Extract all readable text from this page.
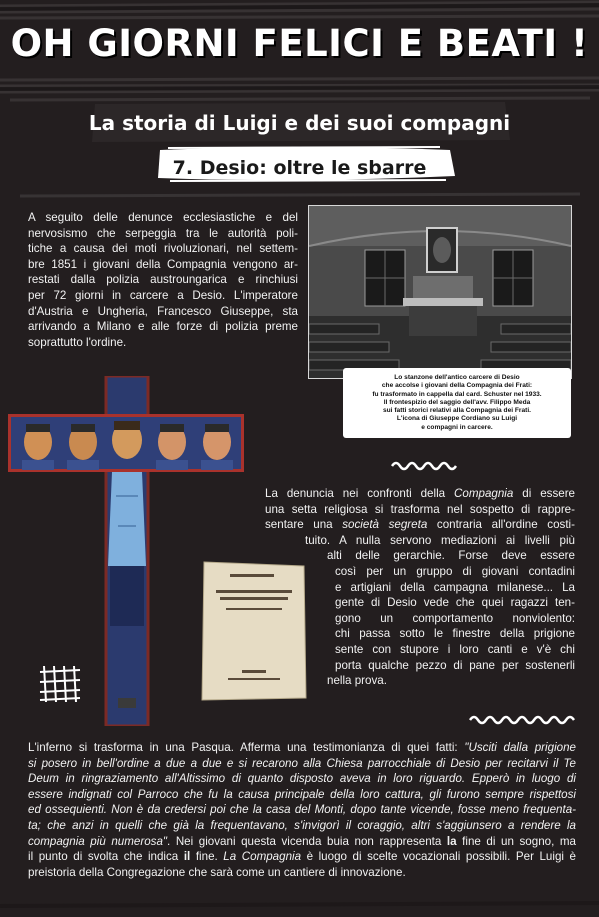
OH GIORNI FELICI E BEATI !
La storia di Luigi e dei suoi compagni
7. Desio: oltre le sbarre
A seguito delle denunce ecclesiastiche e del
nervosismo che serpeggia tra le autorità poli-
tiche a causa dei moti rivoluzionari, nel settem-
bre 1851 i giovani della Compagnia vengono ar-
restati dalla polizia austroungarica e rinchiusi
per 72 giorni in carcere a Desio. L'imperatore
d'Austria e Ungheria, Francesco Giuseppe, sta
arrivando a Milano e alle forze di polizia preme
soprattutto l'ordine.
Lo stanzone dell'antico carcere di Desio
che accolse i giovani della Compagnia dei Frati:
fu trasformato in cappella dal card. Schuster nel 1933.
Il frontespizio del saggio dell'avv. Filippo Meda
sui fatti storici relativi alla Compagnia dei Frati.
L'icona di Giuseppe Cordiano su Luigi
e compagni in carcere.
La denuncia nei confronti della Compagnia di essere
una setta religiosa si trasforma nel sospetto di rappre-
sentare una società segreta contraria all'ordine costi-
tuito. A nulla servono mediazioni ai livelli più
alti delle gerarchie. Forse deve essere
così per un gruppo di giovani contadini
e artigiani della campagna milanese... La
gente di Desio vede che quei ragazzi ten-
gono un comportamento nonviolento:
chi passa sotto le finestre della prigione
sente con stupore i loro canti e v'è chi
porta qualche pezzo di pane per sostenerli
nella prova.
L'inferno si trasforma in una Pasqua. Afferma una testimonianza di quei fatti: "Usciti dalla prigione
si posero in bell'ordine a due a due e si recarono alla Chiesa parrocchiale di Desio per recitarvi il Te
Deum in ringraziamento all'Altissimo di quanto disposto aveva in loro riguardo. Epperò in luogo di
essere indignati col Parroco che fu la causa principale della loro cattura, gli furono sempre rispettosi
ed ossequienti. Non è da credersi poi che la casa del Monti, dopo tante vicende, fosse meno frequenta-
ta; che anzi in quelli che già la frequentavano, s'invigorì il coraggio, altri s'aggiunsero a rendere la
compagnia più numerosa". Nei giovani questa vicenda buia non rappresenta la fine di un sogno, ma
il punto di svolta che indica il fine. La Compagnia è luogo di scelte vocazionali possibili. Per Luigi è
preistoria della Congregazione che sarà come un cantiere di innovazione.
